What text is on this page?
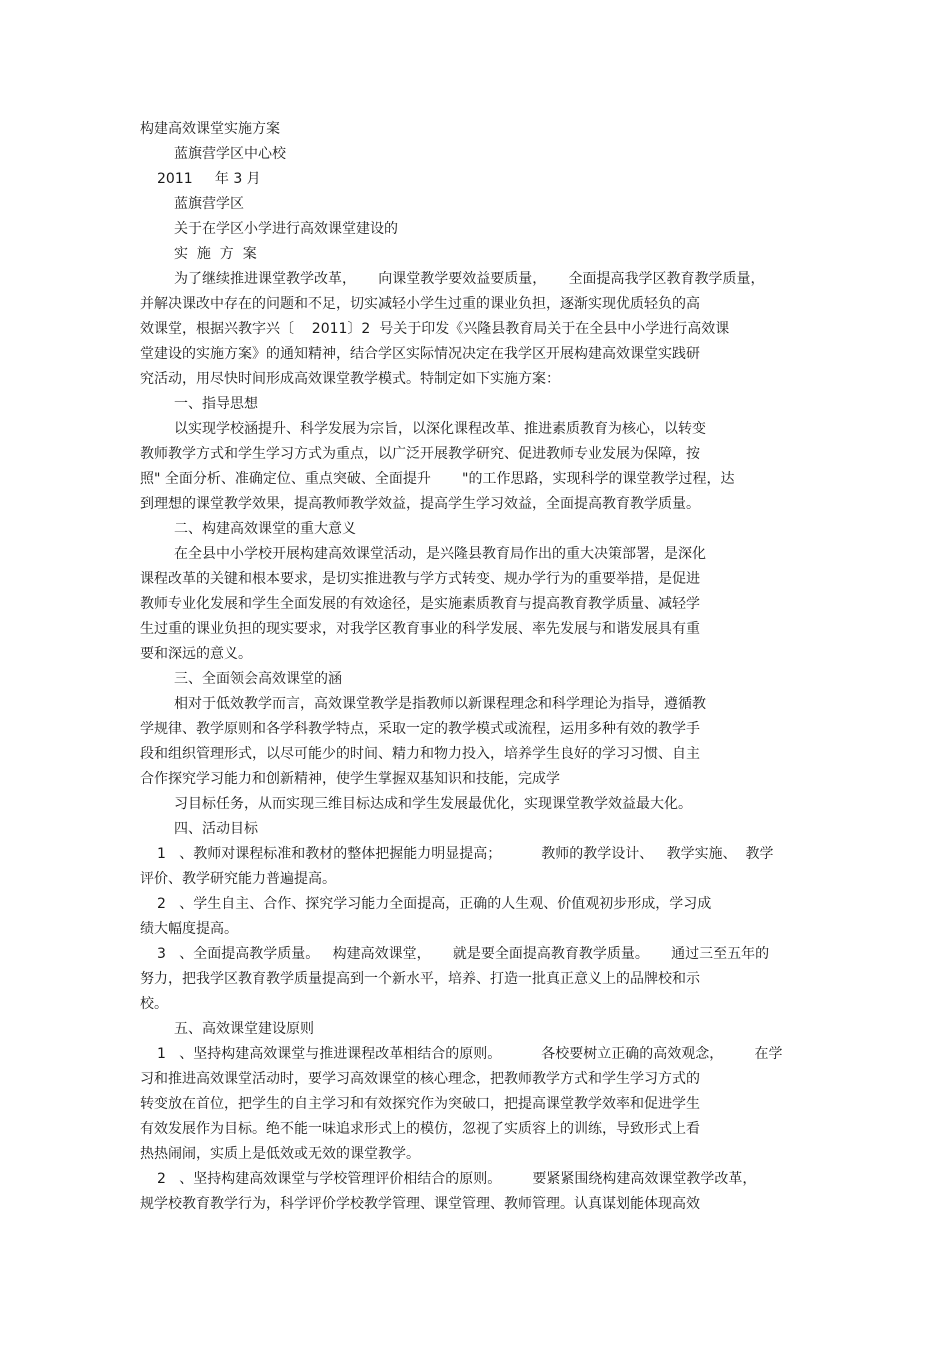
构建高效课堂实施方案
蓝旗营学区中心校
2011     年 3 月
蓝旗营学区
关于在学区小学进行高效课堂建设的
实  施  方  案
为了继续推进课堂教学改革，     向课堂教学要效益要质量，     全面提高我学区教育教学质量，
并解决课改中存在的问题和不足，切实减轻小学生过重的课业负担，逐渐实现优质轻负的高
效课堂，根据兴教字兴〔    2011〕2  号关于印发《兴隆县教育局关于在全县中小学进行高效课
堂建设的实施方案》的通知精神，结合学区实际情况决定在我学区开展构建高效课堂实践研
究活动，用尽快时间形成高效课堂教学模式。特制定如下实施方案：
一、指导思想
以实现学校涵提升、科学发展为宗旨，以深化课程改革、推进素质教育为核心，以转变
教师教学方式和学生学习方式为重点，以广泛开展教学研究、促进教师专业发展为保障，按
照" 全面分析、准确定位、重点突破、全面提升       "的工作思路，实现科学的课堂教学过程，达
到理想的课堂教学效果，提高教师教学效益，提高学生学习效益，全面提高教育教学质量。
二、构建高效课堂的重大意义
在全县中小学校开展构建高效课堂活动，是兴隆县教育局作出的重大决策部署，是深化
课程改革的关键和根本要求，是切实推进教与学方式转变、规办学行为的重要举措，是促进
教师专业化发展和学生全面发展的有效途径，是实施素质教育与提高教育教学质量、减轻学
生过重的课业负担的现实要求，对我学区教育事业的科学发展、率先发展与和谐发展具有重
要和深远的意义。
三、全面领会高效课堂的涵
相对于低效教学而言，高效课堂教学是指教师以新课程理念和科学理论为指导，遵循教
学规律、教学原则和各学科教学特点，采取一定的教学模式或流程，运用多种有效的教学手
段和组织管理形式，以尽可能少的时间、精力和物力投入，培养学生良好的学习习惯、自主
合作探究学习能力和创新精神，使学生掌握双基知识和技能，完成学
习目标任务，从而实现三维目标达成和学生发展最优化，实现课堂教学效益最大化。
四、活动目标
1   、教师对课程标准和教材的整体把握能力明显提高；         教师的教学设计、   教学实施、  教学
评价、教学研究能力普遍提高。
2   、学生自主、合作、探究学习能力全面提高，正确的人生观、价值观初步形成，学习成
绩大幅度提高。
3   、全面提高教学质量。   构建高效课堂，     就是要全面提高教育教学质量。     通过三至五年的
努力，把我学区教育教学质量提高到一个新水平，培养、打造一批真正意义上的品牌校和示
校。
五、高效课堂建设原则
1   、坚持构建高效课堂与推进课程改革相结合的原则。         各校要树立正确的高效观念，       在学
习和推进高效课堂活动时，要学习高效课堂的核心理念，把教师教学方式和学生学习方式的
转变放在首位，把学生的自主学习和有效探究作为突破口，把提高课堂教学效率和促进学生
有效发展作为目标。绝不能一味追求形式上的模仿，忽视了实质容上的训练，导致形式上看
热热闹闹，实质上是低效或无效的课堂教学。
2   、坚持构建高效课堂与学校管理评价相结合的原则。       要紧紧围绕构建高效课堂教学改革，
规学校教育教学行为，科学评价学校教学管理、课堂管理、教师管理。认真谋划能体现高效
